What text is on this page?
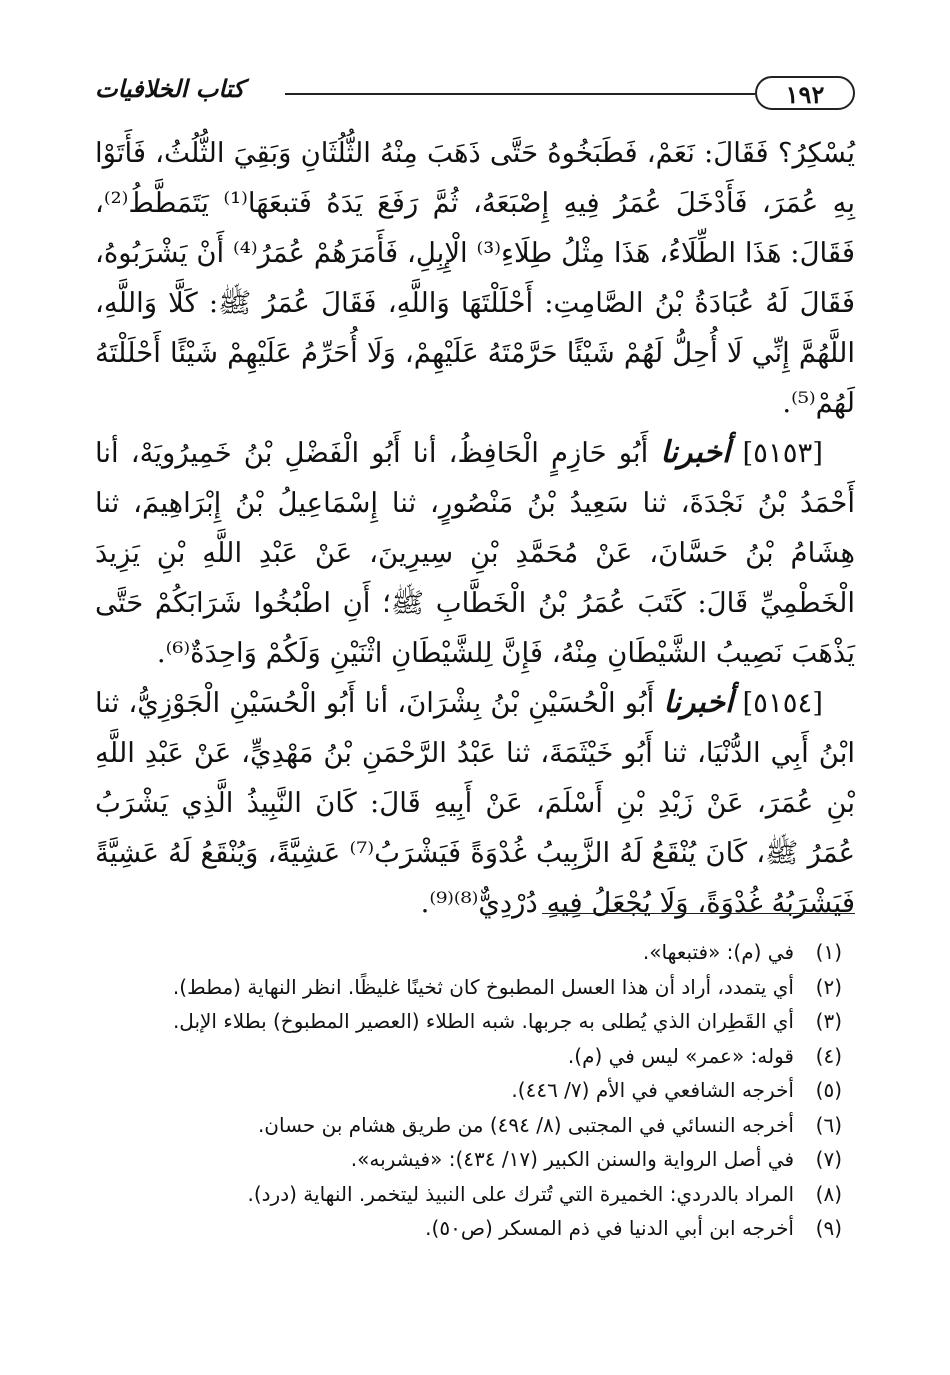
١٩٢
كتاب الخلافيات

يُسْكِرُ؟ فَقَالَ: نَعَمْ، فَطَبَخُوهُ حَتَّى ذَهَبَ مِنْهُ الثُّلُثَانِ وَبَقِيَ الثُّلُثُ، فَأَتَوْا بِهِ عُمَرَ، فَأَدْخَلَ عُمَرُ فِيهِ إِصْبَعَهُ، ثُمَّ رَفَعَ يَدَهُ فَتبعَهَا⁽¹⁾ يَتَمَطَّطُ⁽²⁾، فَقَالَ: هَذَا الطِّلَاءُ، هَذَا مِثْلُ طِلَاءِ⁽³⁾ الْإِبِلِ، فَأَمَرَهُمْ عُمَرُ⁽⁴⁾ أَنْ يَشْرَبُوهُ، فَقَالَ لَهُ عُبَادَةُ بْنُ الصَّامِتِ: أَحْلَلْتَهَا وَاللَّهِ، فَقَالَ عُمَرُ ﷺ: كَلَّا وَاللَّهِ، اللَّهُمَّ إِنِّي لَا أُحِلُّ لَهُمْ شَيْئًا حَرَّمْتَهُ عَلَيْهِمْ، وَلَا أُحَرِّمُ عَلَيْهِمْ شَيْئًا أَحْلَلْتَهُ لَهُمْ⁽⁵⁾.

[٥١٥٣] أخبرنا أَبُو حَازِمٍ الْحَافِظُ، أنا أَبُو الْفَضْلِ بْنُ خَمِيرُويَهْ، أنا أَحْمَدُ بْنُ نَجْدَةَ، ثنا سَعِيدُ بْنُ مَنْصُورٍ، ثنا إِسْمَاعِيلُ بْنُ إِبْرَاهِيمَ، ثنا هِشَامُ بْنُ حَسَّانَ، عَنْ مُحَمَّدِ بْنِ سِيرِينَ، عَنْ عَبْدِ اللَّهِ بْنِ يَزِيدَ الْخَطْمِيِّ قَالَ: كَتَبَ عُمَرُ بْنُ الْخَطَّابِ ﷺ؛ أَنِ اطْبُخُوا شَرَابَكُمْ حَتَّى يَذْهَبَ نَصِيبُ الشَّيْطَانِ مِنْهُ، فَإِنَّ لِلشَّيْطَانِ اثْنَيْنِ وَلَكُمْ وَاحِدَةٌ⁽⁶⁾.

[٥١٥٤] أخبرنا أَبُو الْحُسَيْنِ بْنُ بِشْرَانَ، أنا أَبُو الْحُسَيْنِ الْجَوْزِيُّ، ثنا ابْنُ أَبِي الدُّنْيَا، ثنا أَبُو خَيْثَمَةَ، ثنا عَبْدُ الرَّحْمَنِ بْنُ مَهْدِيٍّ، عَنْ عَبْدِ اللَّهِ بْنِ عُمَرَ، عَنْ زَيْدِ بْنِ أَسْلَمَ، عَنْ أَبِيهِ قَالَ: كَانَ النَّبِيذُ الَّذِي يَشْرَبُ عُمَرُ ﷺ، كَانَ يُنْقَعُ لَهُ الزَّبِيبُ غُدْوَةً فَيَشْرَبُ⁽⁷⁾ عَشِيَّةً، وَيُنْقَعُ لَهُ عَشِيَّةً فَيَشْرَبُهُ غُدْوَةً، وَلَا يُجْعَلُ فِيهِ دُرْدِيٌّ⁽⁸⁾⁽⁹⁾.

(١)
في (م): «فتبعها».
(٢)
أي يتمدد، أراد أن هذا العسل المطبوخ كان ثخينًا غليظًا. انظر النهاية (مطط).
(٣)
أي القَطِران الذي يُطلى به جربها. شبه الطلاء (العصير المطبوخ) بطلاء الإبل.
(٤)
قوله: «عمر» ليس في (م).
(٥)
أخرجه الشافعي في الأم (٧/ ٤٤٦).
(٦)
أخرجه النسائي في المجتبى (٨/ ٤٩٤) من طريق هشام بن حسان.
(٧)
في أصل الرواية والسنن الكبير (١٧/ ٤٣٤): «فيشربه».
(٨)
المراد بالدردي: الخميرة التي تُترك على النبيذ ليتخمر. النهاية (درد).
(٩)
أخرجه ابن أبي الدنيا في ذم المسكر (ص٥٠).
